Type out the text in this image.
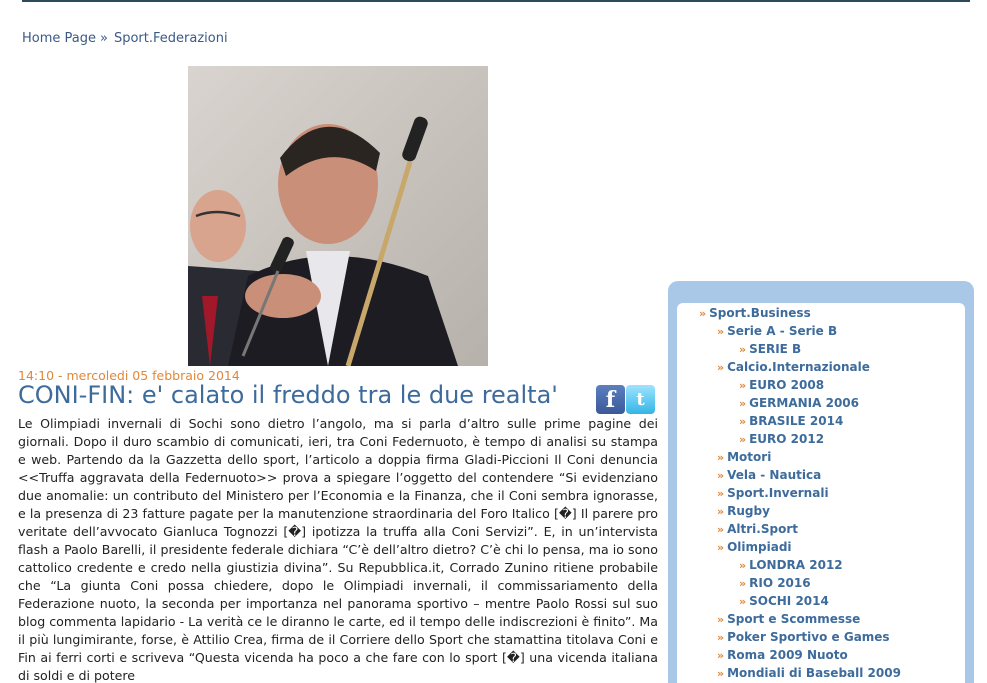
Home Page » Sport.Federazioni
14:10 - mercoledi 05 febbraio 2014
CONI-FIN: e' calato il freddo tra le due realta' f t
Le Olimpiadi invernali di Sochi sono dietro l’angolo, ma si parla d’altro sulle prime pagine dei giornali. Dopo il duro scambio di comunicati, ieri, tra Coni Federnuoto, è tempo di analisi su stampa e web. Partendo da la Gazzetta dello sport, l’articolo a doppia firma Gladi-Piccioni Il Coni denuncia <<Truffa aggravata della Federnuoto>> prova a spiegare l’oggetto del contendere “Si evidenziano due anomalie: un contributo del Ministero per l’Economia e la Finanza, che il Coni sembra ignorasse, e la presenza di 23 fatture pagate per la manutenzione straordinaria del Foro Italico [�] Il parere pro veritate dell’avvocato Gianluca Tognozzi [�] ipotizza la truffa alla Coni Servizi”. E, in un’intervista flash a Paolo Barelli, il presidente federale dichiara “C’è dell’altro dietro? C’è chi lo pensa, ma io sono cattolico credente e credo nella giustizia divina”. Su Repubblica.it, Corrado Zunino ritiene probabile che “La giunta Coni possa chiedere, dopo le Olimpiadi invernali, il commissariamento della Federazione nuoto, la seconda per importanza nel panorama sportivo – mentre Paolo Rossi sul suo blog commenta lapidario - La verità ce le diranno le carte, ed il tempo delle indiscrezioni è finito”. Ma il più lungimirante, forse, è Attilio Crea, firma de il Corriere dello Sport che stamattina titolava Coni e Fin ai ferri corti e scriveva “Questa vicenda ha poco a che fare con lo sport [�] una vicenda italiana di soldi e di potere
» Sport.Business
» Serie A - Serie B
» SERIE B
» Calcio.Internazionale
» EURO 2008
» GERMANIA 2006
» BRASILE 2014
» EURO 2012
» Motori
» Vela - Nautica
» Sport.Invernali
» Rugby
» Altri.Sport
» Olimpiadi
» LONDRA 2012
» RIO 2016
» SOCHI 2014
» Sport e Scommesse
» Poker Sportivo e Games
» Roma 2009 Nuoto
» Mondiali di Baseball 2009
